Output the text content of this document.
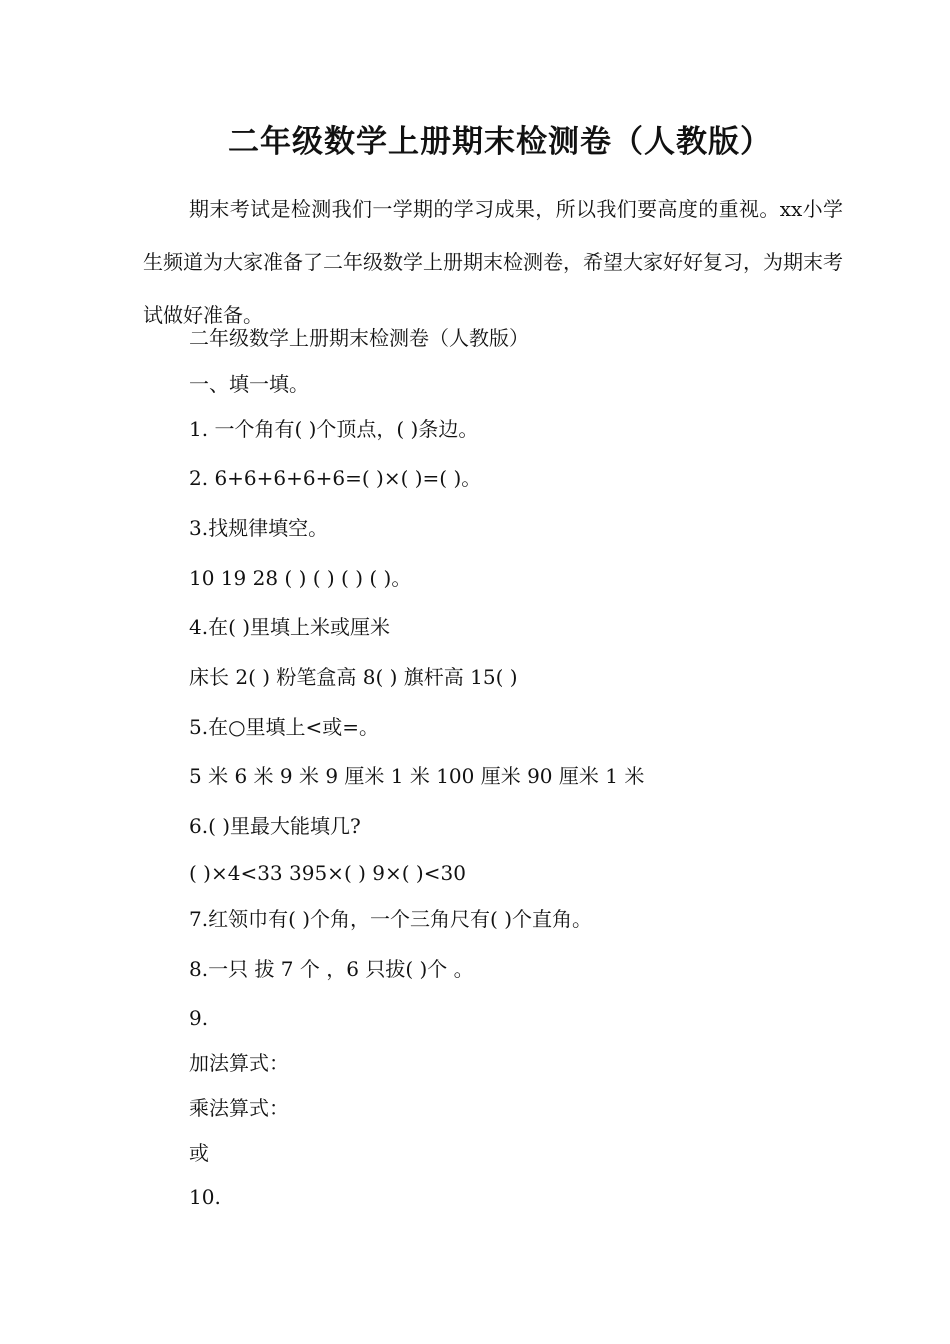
二年级数学上册期末检测卷（人教版）
期末考试是检测我们一学期的学习成果，所以我们要高度的重视。xx小学生频道为大家准备了二年级数学上册期末检测卷，希望大家好好复习，为期末考试做好准备。
二年级数学上册期末检测卷（人教版）
一、填一填。
1. 一个角有( )个顶点，( )条边。
2. 6+6+6+6+6=( )×( )=( )。
3.找规律填空。
10 19 28 ( ) ( ) ( ) ( )。
4.在( )里填上米或厘米
床长 2( ) 粉笔盒高 8( ) 旗杆高 15( )
5.在○里填上<或=。
5 米 6 米 9 米 9 厘米 1 米 100 厘米 90 厘米 1 米
6.( )里最大能填几?
( )×4<33 395×( ) 9×( )<30
7.红领巾有( )个角，一个三角尺有( )个直角。
8.一只 拔 7 个 ，6 只拔( )个 。
9.
加法算式：
乘法算式：
或
10.
